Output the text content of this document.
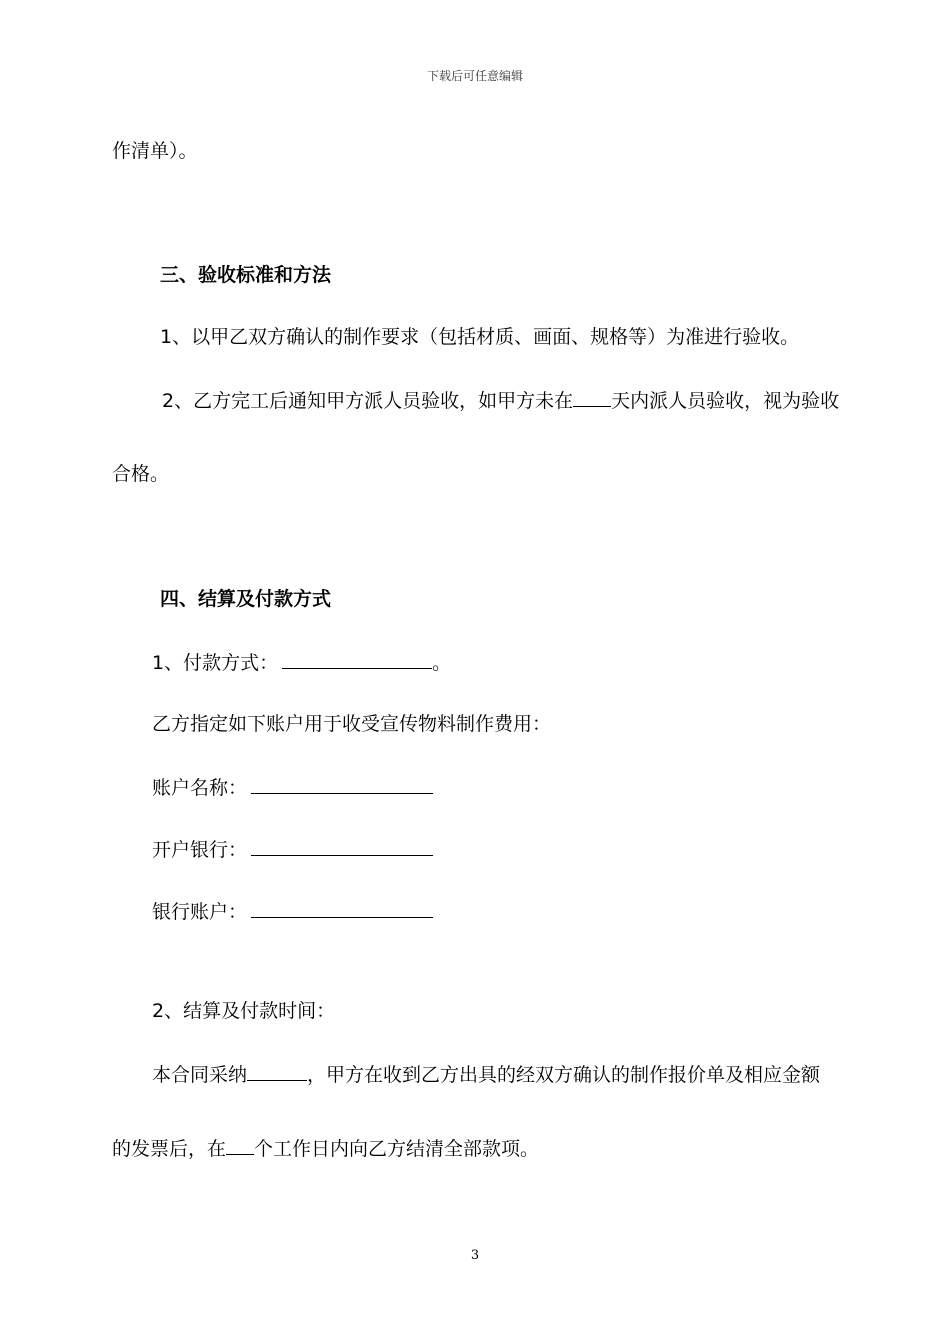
下载后可任意编辑
作清单）。
三、验收标准和方法
1、以甲乙双方确认的制作要求（包括材质、画面、规格等）为准进行验收。
2、乙方完工后通知甲方派人员验收，如甲方未在 天内派人员验收，视为验收
合格。
四、结算及付款方式
1、付款方式：	。
乙方指定如下账户用于收受宣传物料制作费用：
账户名称：
开户银行：
银行账户：
2、结算及付款时间：
本合同采纳	，甲方在收到乙方出具的经双方确认的制作报价单及相应金额
的发票后，在 个工作日内向乙方结清全部款项。
3
